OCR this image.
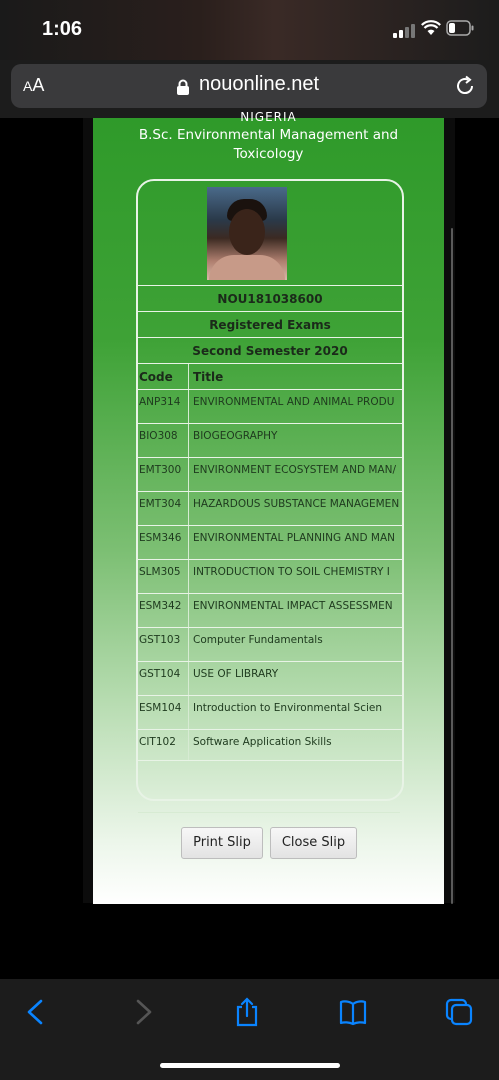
1:06
AA	nouonline.net
NIGERIA
B.Sc. Environmental Management and Toxicology
NOU181038600
Registered Exams
Second Semester 2020
Code Title
ANP314 ENVIRONMENTAL AND ANIMAL PRODU
BIO308 BIOGEOGRAPHY
EMT300 ENVIRONMENT ECOSYSTEM AND MAN/
EMT304 HAZARDOUS SUBSTANCE MANAGEMEN
ESM346 ENVIRONMENTAL PLANNING AND MAN
SLM305 INTRODUCTION TO SOIL CHEMISTRY I
ESM342 ENVIRONMENTAL IMPACT ASSESSMEN
GST103 Computer Fundamentals
GST104 USE OF LIBRARY
ESM104 Introduction to Environmental Scien
CIT102 Software Application Skills
Print Slip	Close Slip
